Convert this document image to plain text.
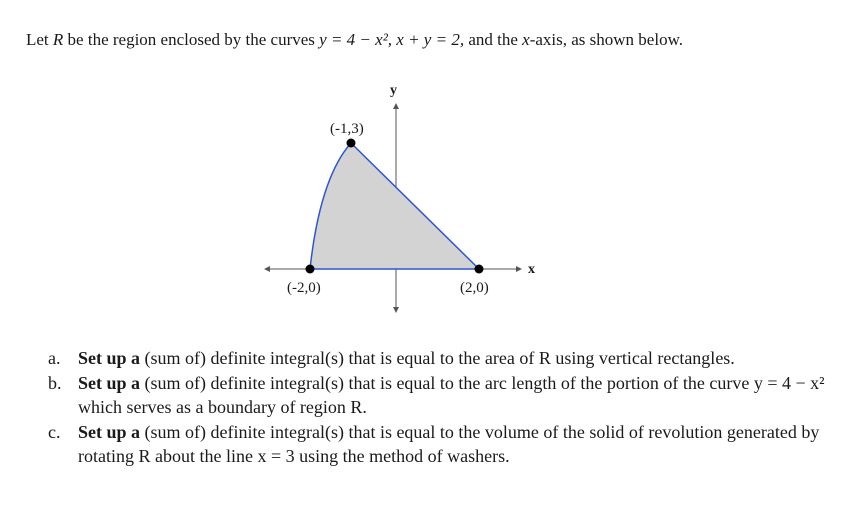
Let R be the region enclosed by the curves y = 4 − x², x + y = 2, and the x-axis, as shown below.
y
x
(-1,3)
(-2,0)	(2,0)
a. Set up a (sum of) definite integral(s) that is equal to the area of R using vertical rectangles.
b. Set up a (sum of) definite integral(s) that is equal to the arc length of the portion of the curve y = 4 − x² which serves as a boundary of region R.
c. Set up a (sum of) definite integral(s) that is equal to the volume of the solid of revolution generated by rotating R about the line x = 3 using the method of washers.
